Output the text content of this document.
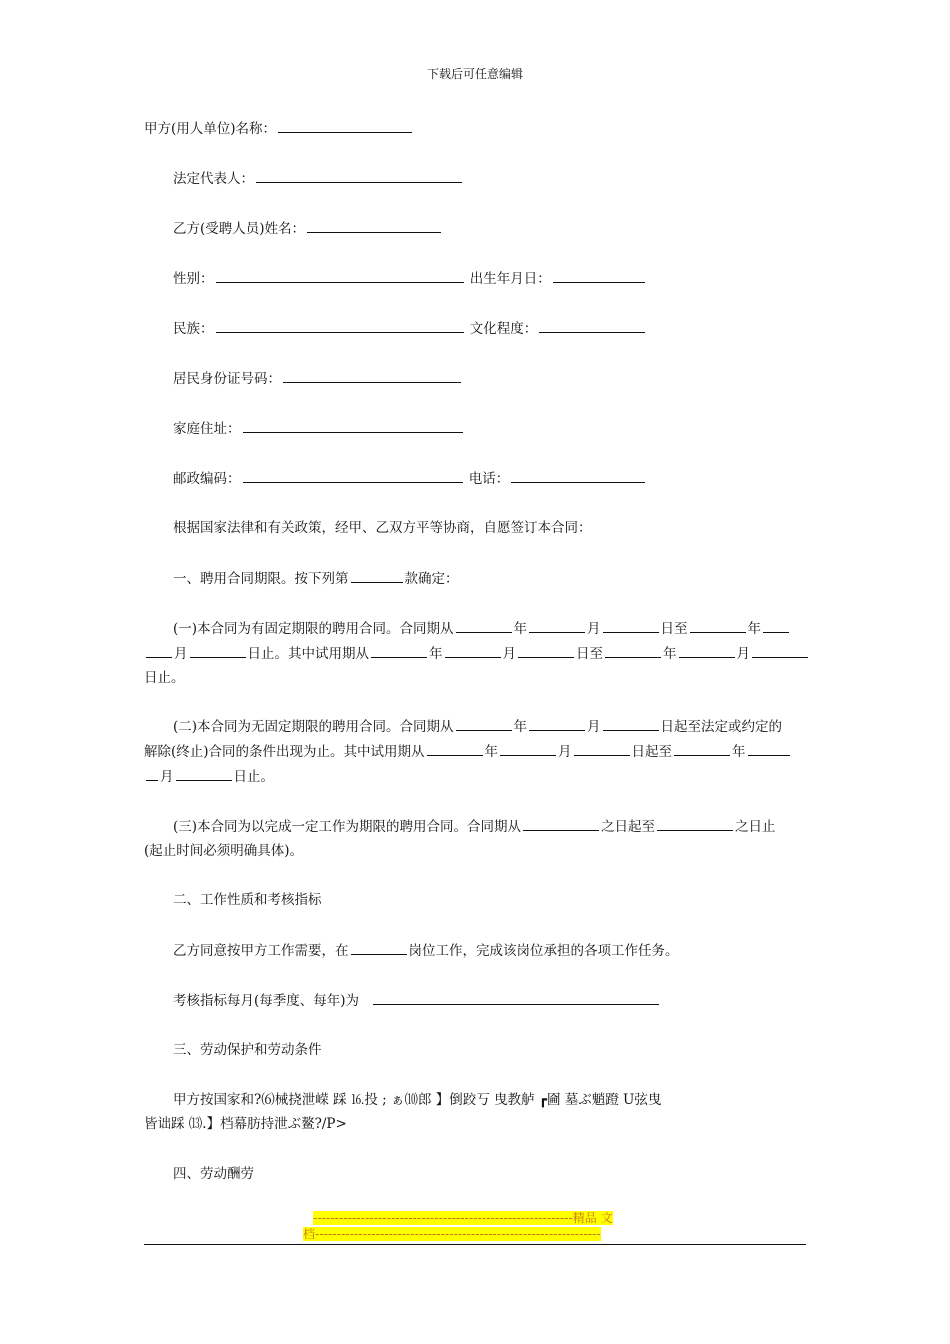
下载后可任意编辑
甲方(用人单位)名称：
法定代表人：
乙方(受聘人员)姓名：
性别：	出生年月日：
民族：	文化程度：
居民身份证号码：
家庭住址：
邮政编码：	电话：
根据国家法律和有关政策，经甲、乙双方平等协商，自愿签订本合同：
一、聘用合同期限。按下列第	款确定：
(一)本合同为有固定期限的聘用合同。合同期从	年	月	日至	年
月	日止。其中试用期从	年	月	日至	年	月
日止。
(二)本合同为无固定期限的聘用合同。合同期从	年	月	日起至法定或约定的
解除(终止)合同的条件出现为止。其中试用期从	年	月	日起至	年
月	日止。
(三)本合同为以完成一定工作为期限的聘用合同。合同期从	之日起至	之日止
(起止时间必须明确具体)。
二、工作性质和考核指标
乙方同意按甲方工作需要，在	岗位工作，完成该岗位承担的各项工作任务。
考核指标每月(每季度、每年)为
三、劳动保护和劳动条件
甲方按国家和?⑹械挠泄嵘 踩 ⒗投 ; ぁ⑽郎 】倒跤丂 曳教舻 ┏圇 墓ぶ魈蹬 U弦曳
皆诎踩 ⒀.】档幕肪持泄ぶ鳌?/P>
四、劳动酬劳
------------------------------------------------------------精品 文
档------------------------------------------------------------------
